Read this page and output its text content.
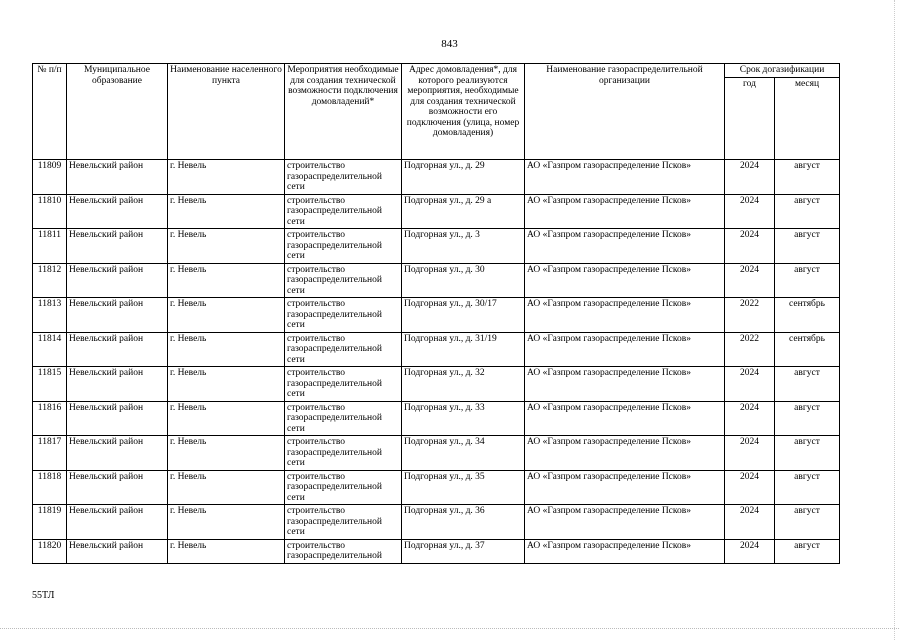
843
№ п/п	Муниципальное образование	Наименование населенного пункта	Мероприятия необходимые для создания технической возможности подключения домовладений*	Адрес домовладения*, для которого реализуются мероприятия, необходимые для создания технической возможности его подключения (улица, номер домовладения)	Наименование газораспределительной организации	Срок догазификации	
						год	месяц
11809	Невельский район	г. Невель	строительство газораспределительной сети	Подгорная ул., д. 29	АО «Газпром газораспределение Псков»	2024	август
11810	Невельский район	г. Невель	строительство газораспределительной сети	Подгорная ул., д. 29 а	АО «Газпром газораспределение Псков»	2024	август
11811	Невельский район	г. Невель	строительство газораспределительной сети	Подгорная ул., д. 3	АО «Газпром газораспределение Псков»	2024	август
11812	Невельский район	г. Невель	строительство газораспределительной сети	Подгорная ул., д. 30	АО «Газпром газораспределение Псков»	2024	август
11813	Невельский район	г. Невель	строительство газораспределительной сети	Подгорная ул., д. 30/17	АО «Газпром газораспределение Псков»	2022	сентябрь
11814	Невельский район	г. Невель	строительство газораспределительной сети	Подгорная ул., д. 31/19	АО «Газпром газораспределение Псков»	2022	сентябрь
11815	Невельский район	г. Невель	строительство газораспределительной сети	Подгорная ул., д. 32	АО «Газпром газораспределение Псков»	2024	август
11816	Невельский район	г. Невель	строительство газораспределительной сети	Подгорная ул., д. 33	АО «Газпром газораспределение Псков»	2024	август
11817	Невельский район	г. Невель	строительство газораспределительной сети	Подгорная ул., д. 34	АО «Газпром газораспределение Псков»	2024	август
11818	Невельский район	г. Невель	строительство газораспределительной сети	Подгорная ул., д. 35	АО «Газпром газораспределение Псков»	2024	август
11819	Невельский район	г. Невель	строительство газораспределительной сети	Подгорная ул., д. 36	АО «Газпром газораспределение Псков»	2024	август
11820	Невельский район	г. Невель	строительство газораспределительной	Подгорная ул., д. 37	АО «Газпром газораспределение Псков»	2024	август
55ТЛ
